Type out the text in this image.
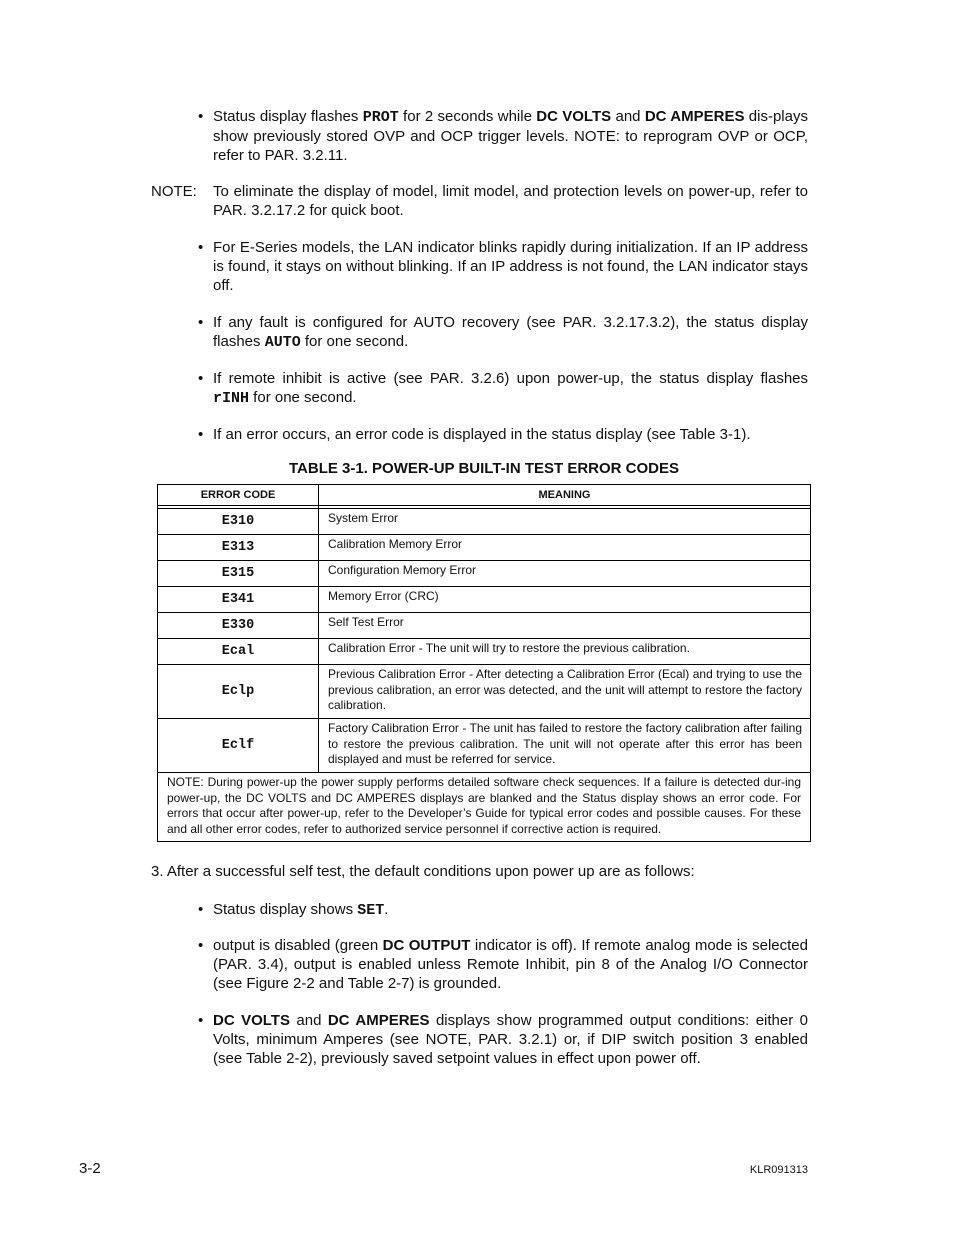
• Status display flashes PROT for 2 seconds while DC VOLTS and DC AMPERES dis-plays show previously stored OVP and OCP trigger levels. NOTE: to reprogram OVP or OCP, refer to PAR. 3.2.11.
NOTE: To eliminate the display of model, limit model, and protection levels on power-up, refer to PAR. 3.2.17.2 for quick boot.
• For E-Series models, the LAN indicator blinks rapidly during initialization. If an IP address is found, it stays on without blinking. If an IP address is not found, the LAN indicator stays off.
• If any fault is configured for AUTO recovery (see PAR. 3.2.17.3.2), the status display flashes AUTO for one second.
• If remote inhibit is active (see PAR. 3.2.6) upon power-up, the status display flashes rINH for one second.
• If an error occurs, an error code is displayed in the status display (see Table 3-1).
TABLE 3-1. POWER-UP BUILT-IN TEST ERROR CODES
ERROR CODE	MEANING

E310	System Error
E313	Calibration Memory Error
E315	Configuration Memory Error
E341	Memory Error (CRC)
E330	Self Test Error
Ecal	Calibration Error - The unit will try to restore the previous calibration.
Eclp	Previous Calibration Error - After detecting a Calibration Error (Ecal) and trying to use the previous calibration, an error was detected, and the unit will attempt to restore the factory calibration.
Eclf	Factory Calibration Error - The unit has failed to restore the factory calibration after failing to restore the previous calibration. The unit will not operate after this error has been displayed and must be referred for service.
NOTE: During power-up the power supply performs detailed software check sequences. If a failure is detected dur-ing power-up, the DC VOLTS and DC AMPERES displays are blanked and the Status display shows an error code. For errors that occur after power-up, refer to the Developer’s Guide for typical error codes and possible causes. For these and all other error codes, refer to authorized service personnel if corrective action is required.	
3. After a successful self test, the default conditions upon power up are as follows:
• Status display shows SET.
• output is disabled (green DC OUTPUT indicator is off). If remote analog mode is selected (PAR. 3.4), output is enabled unless Remote Inhibit, pin 8 of the Analog I/O Connector (see Figure 2-2 and Table 2-7) is grounded.
• DC VOLTS and DC AMPERES displays show programmed output conditions: either 0 Volts, minimum Amperes (see NOTE, PAR. 3.2.1) or, if DIP switch position 3 enabled (see Table 2-2), previously saved setpoint values in effect upon power off.
3-2	KLR091313
